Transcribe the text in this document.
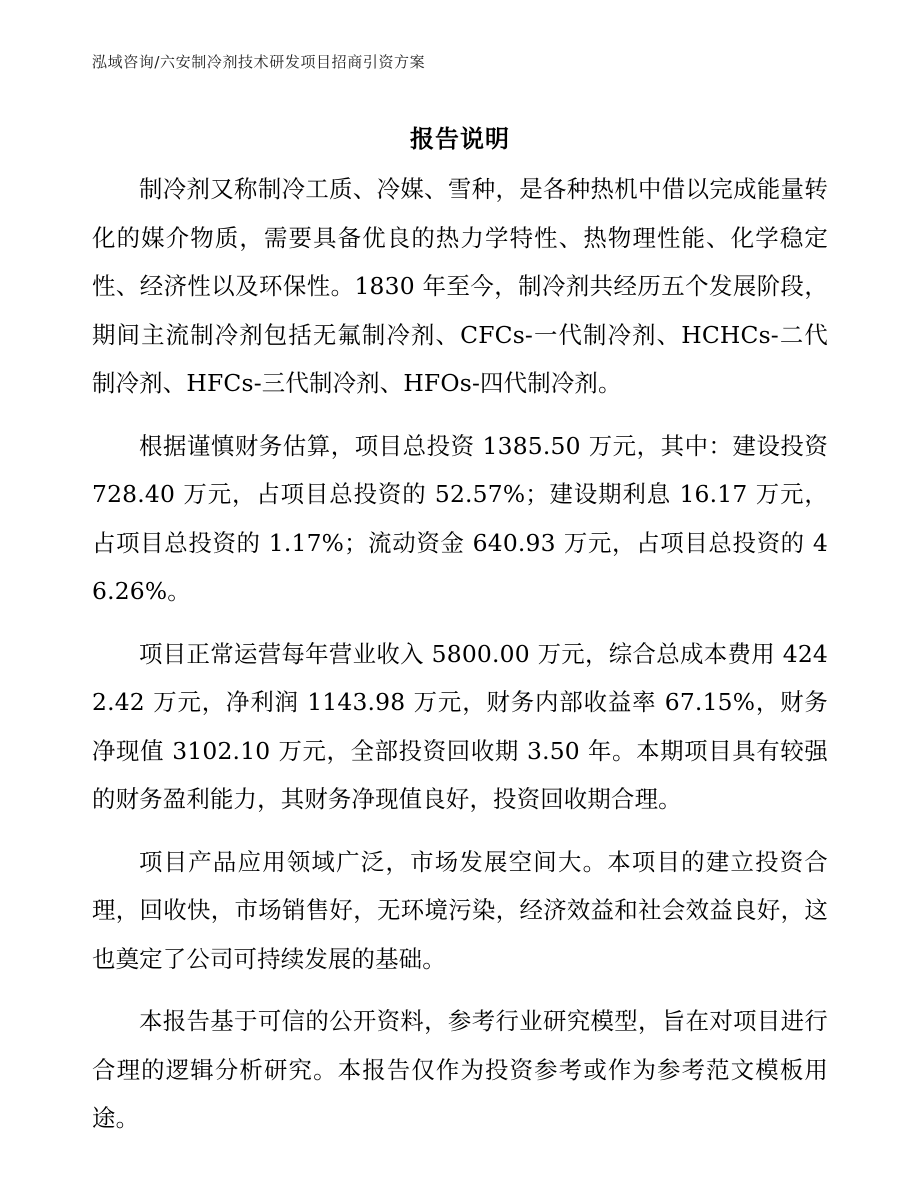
泓域咨询/六安制冷剂技术研发项目招商引资方案
报告说明

制冷剂又称制冷工质、冷媒、雪种，是各种热机中借以完成能量转化的媒介物质，需要具备优良的热力学特性、热物理性能、化学稳定性、经济性以及环保性。1830 年至今，制冷剂共经历五个发展阶段，期间主流制冷剂包括无氟制冷剂、CFCs-一代制冷剂、HCHCs-二代制冷剂、HFCs-三代制冷剂、HFOs-四代制冷剂。

根据谨慎财务估算，项目总投资 1385.50 万元，其中：建设投资 728.40 万元，占项目总投资的 52.57%；建设期利息 16.17 万元，占项目总投资的 1.17%；流动资金 640.93 万元，占项目总投资的 46.26%。

项目正常运营每年营业收入 5800.00 万元，综合总成本费用 4242.42 万元，净利润 1143.98 万元，财务内部收益率 67.15%，财务净现值 3102.10 万元，全部投资回收期 3.50 年。本期项目具有较强的财务盈利能力，其财务净现值良好，投资回收期合理。

项目产品应用领域广泛，市场发展空间大。本项目的建立投资合理，回收快，市场销售好，无环境污染，经济效益和社会效益良好，这也奠定了公司可持续发展的基础。

本报告基于可信的公开资料，参考行业研究模型，旨在对项目进行合理的逻辑分析研究。本报告仅作为投资参考或作为参考范文模板用途。
